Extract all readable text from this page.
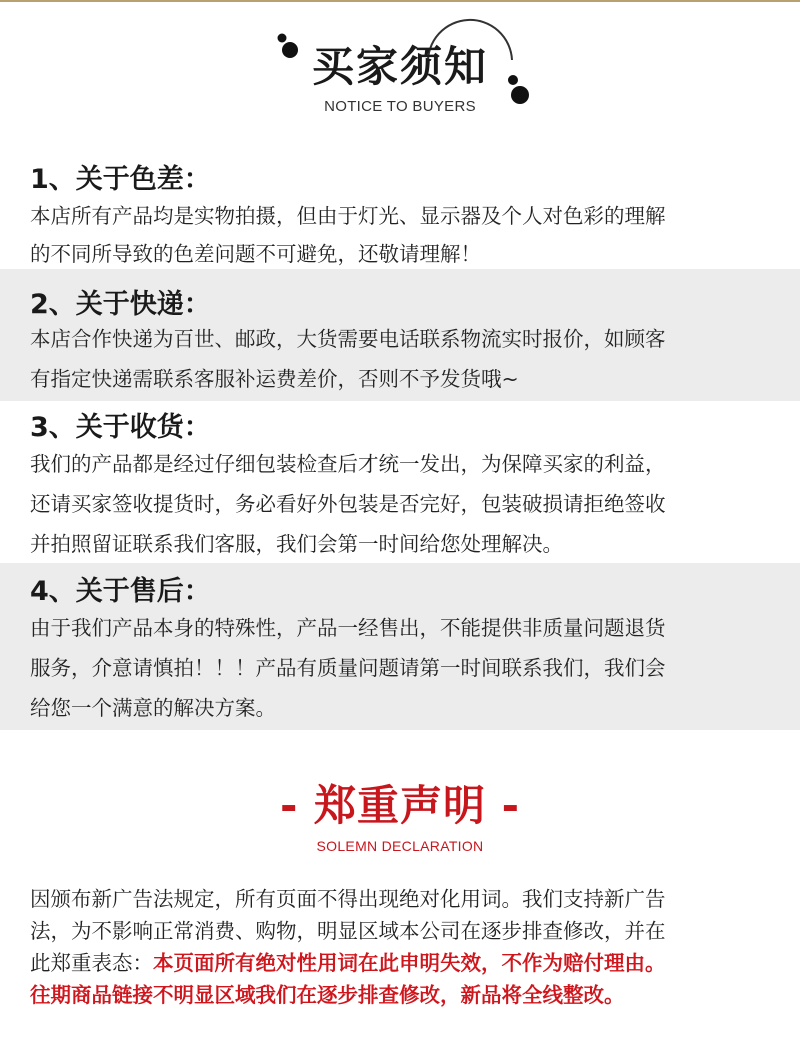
买家须知
NOTICE TO BUYERS
1、关于色差：
本店所有产品均是实物拍摄，但由于灯光、显示器及个人对色彩的理解
的不同所导致的色差问题不可避免，还敬请理解！
2、关于快递：
本店合作快递为百世、邮政，大货需要电话联系物流实时报价，如顾客
有指定快递需联系客服补运费差价，否则不予发货哦~
3、关于收货：
我们的产品都是经过仔细包装检查后才统一发出，为保障买家的利益，
还请买家签收提货时，务必看好外包装是否完好，包装破损请拒绝签收
并拍照留证联系我们客服，我们会第一时间给您处理解决。
4、关于售后：
由于我们产品本身的特殊性，产品一经售出，不能提供非质量问题退货
服务，介意请慎拍！！！产品有质量问题请第一时间联系我们，我们会
给您一个满意的解决方案。
- 郑重声明 -
SOLEMN DECLARATION
因颁布新广告法规定，所有页面不得出现绝对化用词。我们支持新广告
法，为不影响正常消费、购物，明显区域本公司在逐步排查修改，并在
此郑重表态：本页面所有绝对性用词在此申明失效，不作为赔付理由。
往期商品链接不明显区域我们在逐步排查修改，新品将全线整改。
